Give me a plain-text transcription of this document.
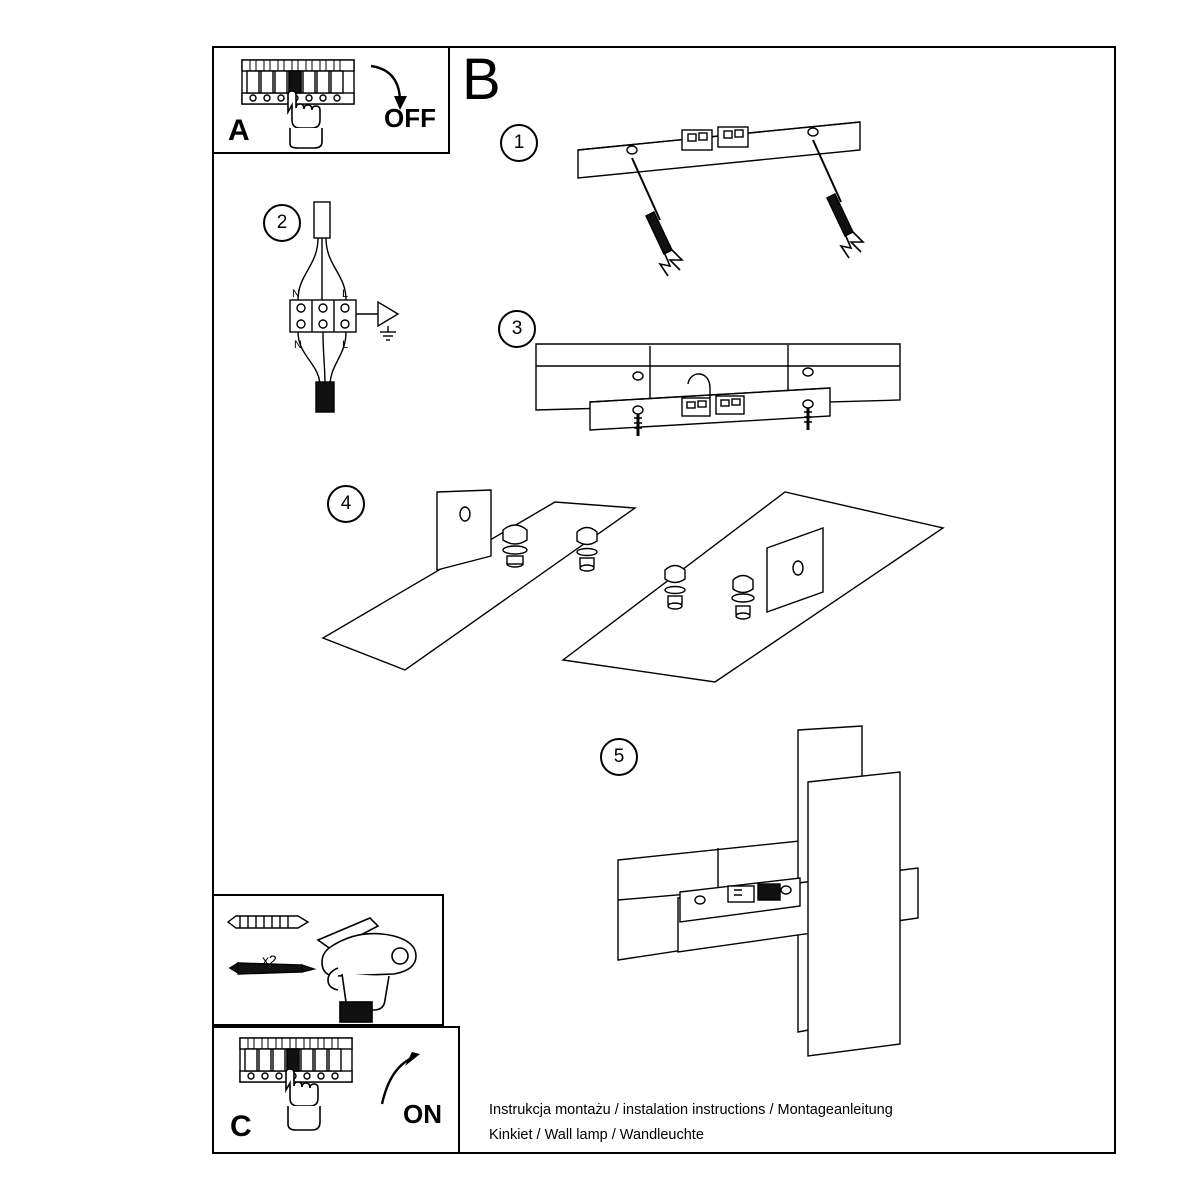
B
A	OFF
1
2
N	L
N	L
3
4
5
x2
C	ON	Instrukcja montażu / instalation instructions / Montageanleitung
Kinkiet / Wall lamp / Wandleuchte
